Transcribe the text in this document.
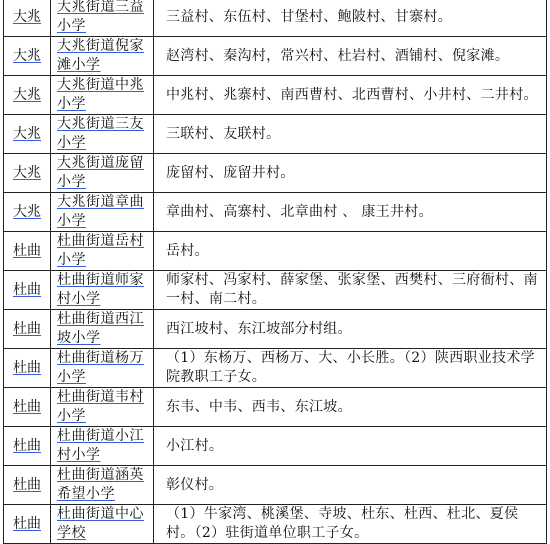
大兆	大兆街道三益小学	三益村、东伍村、甘堡村、鲍陂村、甘寨村。
大兆	大兆街道倪家滩小学	赵湾村、秦沟村，常兴村、杜岩村、酒铺村、倪家滩。
大兆	大兆街道中兆小学	中兆村、兆寨村、南西曹村、北西曹村、小井村、二井村。
大兆	大兆街道三友小学	三联村、友联村。
大兆	大兆街道庞留小学	庞留村、庞留井村。
大兆	大兆街道章曲小学	章曲村、高寨村、北章曲村 、 康王井村。
杜曲	杜曲街道岳村小学	岳村。
杜曲	杜曲街道师家村小学	师家村、冯家村、薛家堡、张家堡、西樊村、三府衙村、南一村、南二村。
杜曲	杜曲街道西江坡小学	西江坡村、东江坡部分村组。
杜曲	杜曲街道杨万小学	（1）东杨万、西杨万、大、小长胜。（2）陕西职业技术学院教职工子女。
杜曲	杜曲街道韦村小学	东韦、中韦、西韦、东江坡。
杜曲	杜曲街道小江村小学	小江村。
杜曲	杜曲街道涵英希望小学	彰仪村。
杜曲	杜曲街道中心学校	（1）牛家湾、桃溪堡、寺坡、杜东、杜西、杜北、夏侯村。（2）驻街道单位职工子女。
